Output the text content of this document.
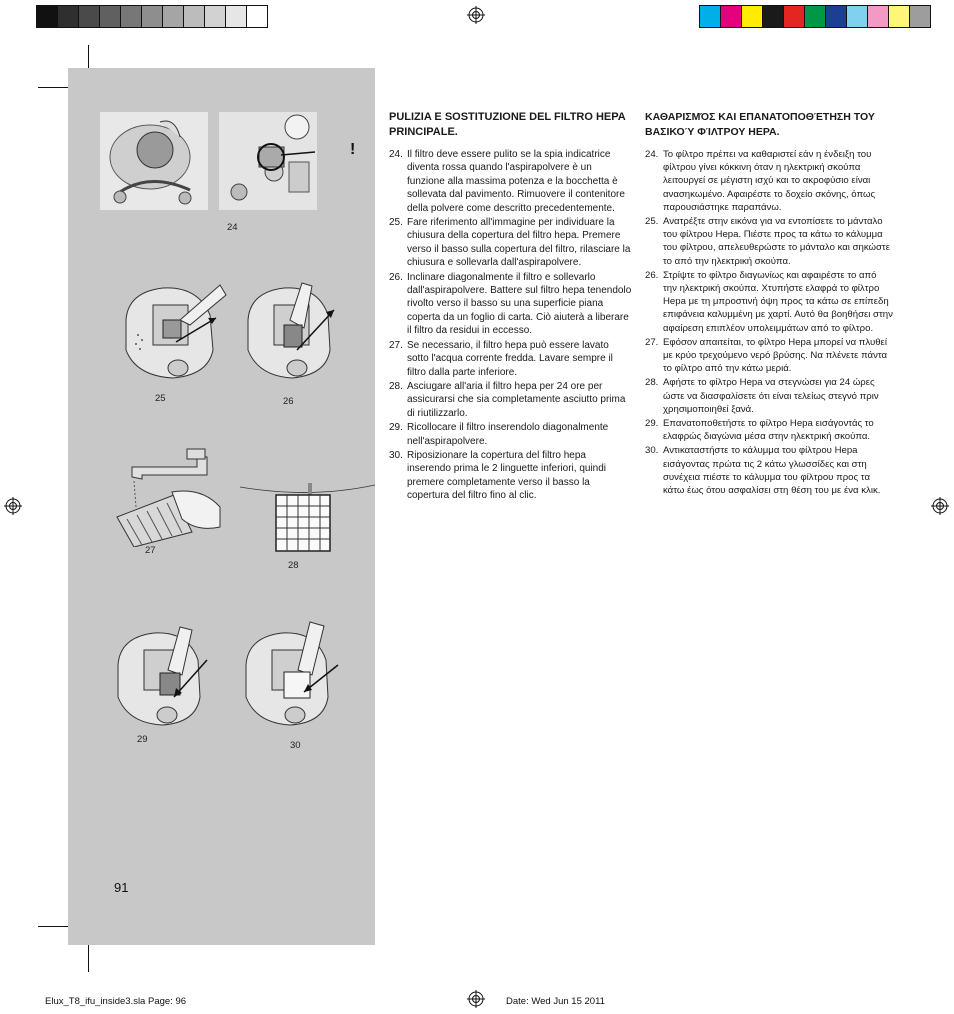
!
24
25	26
27
28
29
30
91
PULIZIA E SOSTITUZIONE DEL FILTRO HEPA PRINCIPALE.
24. Il filtro deve essere pulito se la spia indicatrice diventa rossa quando l'aspirapolvere è un funzione alla massima potenza e la bocchetta è sollevata dal pavimento. Rimuovere il contenitore della polvere come descritto precedentemente.
25. Fare riferimento all'immagine per individuare la chiusura della copertura del filtro hepa. Premere verso il basso sulla copertura del filtro, rilasciare la chiusura e sollevarla dall'aspirapolvere.
26. Inclinare diagonalmente il filtro e sollevarlo dall'aspirapolvere. Battere sul filtro hepa tenendolo rivolto verso il basso su una superficie piana coperta da un foglio di carta. Ciò aiuterà a liberare il filtro da residui in eccesso.
27. Se necessario, il filtro hepa può essere lavato sotto l'acqua corrente fredda. Lavare sempre il filtro dalla parte inferiore.
28. Asciugare all'aria il filtro hepa per 24 ore per assicurarsi che sia completamente asciutto prima di riutilizzarlo.
29. Ricollocare il filtro inserendolo diagonalmente nell'aspirapolvere.
30. Riposizionare la copertura del filtro hepa inserendo prima le 2 linguette inferiori, quindi premere completamente verso il basso la copertura del filtro fino al clic.
ΚΑΘΑΡΙΣΜΌΣ ΚΑΙ ΕΠΑΝΑΤΟΠΟΘΈΤΗΣΗ ΤΟΥ ΒΑΣΙΚΟΎ ΦΊΛΤΡΟΥ HEPA.
24. Το φίλτρο πρέπει να καθαριστεί εάν η ένδειξη του φίλτρου γίνει κόκκινη όταν η ηλεκτρική σκούπα λειτουργεί σε μέγιστη ισχύ και το ακροφύσιο είναι ανασηκωμένο. Αφαιρέστε το δοχείο σκόνης, όπως παρουσιάστηκε παραπάνω.
25. Ανατρέξτε στην εικόνα για να εντοπίσετε το μάνταλο του φίλτρου Hepa. Πιέστε προς τα κάτω το κάλυμμα του φίλτρου, απελευθερώστε το μάνταλο και σηκώστε το από την ηλεκτρική σκούπα.
26. Στρίψτε το φίλτρο διαγωνίως και αφαιρέστε το από την ηλεκτρική σκούπα. Χτυπήστε ελαφρά το φίλτρο Hepa με τη μπροστινή όψη προς τα κάτω σε επίπεδη επιφάνεια καλυμμένη με χαρτί. Αυτό θα βοηθήσει στην αφαίρεση επιπλέον υπολειμμάτων από το φίλτρο.
27. Εφόσον απαιτείται, το φίλτρο Hepa μπορεί να πλυθεί με κρύο τρεχούμενο νερό βρύσης. Να πλένετε πάντα το φίλτρο από την κάτω μεριά.
28. Αφήστε το φίλτρο Hepa να στεγνώσει για 24 ώρες ώστε να διασφαλίσετε ότι είναι τελείως στεγνό πριν χρησιμοποιηθεί ξανά.
29. Επανατοποθετήστε το φίλτρο Hepa εισάγοντάς το ελαφρώς διαγώνια μέσα στην ηλεκτρική σκούπα.
30. Αντικαταστήστε το κάλυμμα του φίλτρου Hepa εισάγοντας πρώτα τις 2 κάτω γλωσσίδες και στη συνέχεια πιέστε το κάλυμμα του φίλτρου προς τα κάτω έως ότου ασφαλίσει στη θέση του με ένα κλικ.
Elux_T8_ifu_inside3.sla Page: 96	Date: Wed Jun 15 2011
